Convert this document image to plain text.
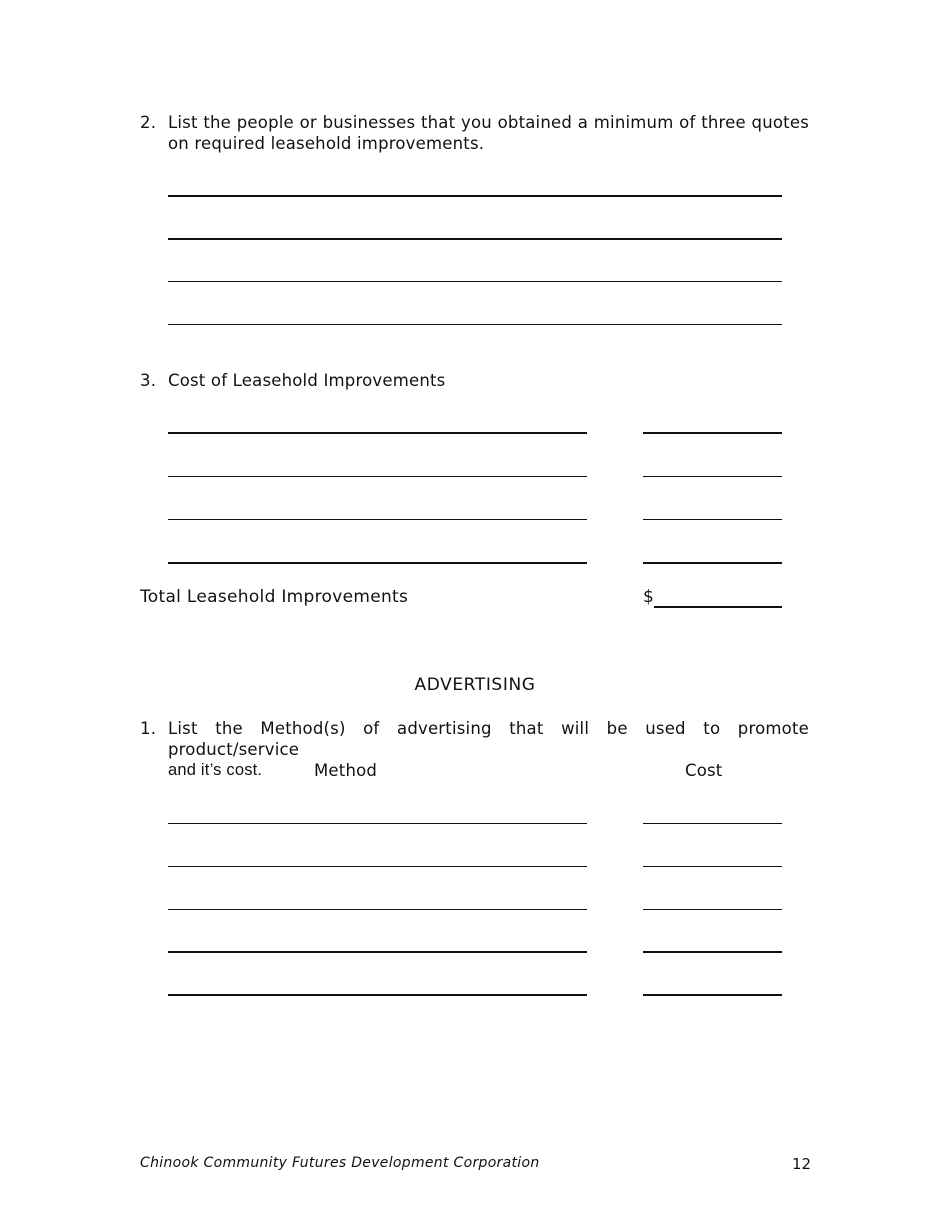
2. List the people or businesses that you obtained a minimum of three quotes
on required leasehold improvements.
3. Cost of Leasehold Improvements
Total Leasehold Improvements	$
ADVERTISING
1. List the Method(s) of advertising that will be used to promote product/service
and it’s cost.	Method	Cost
Chinook Community Futures Development Corporation	12
